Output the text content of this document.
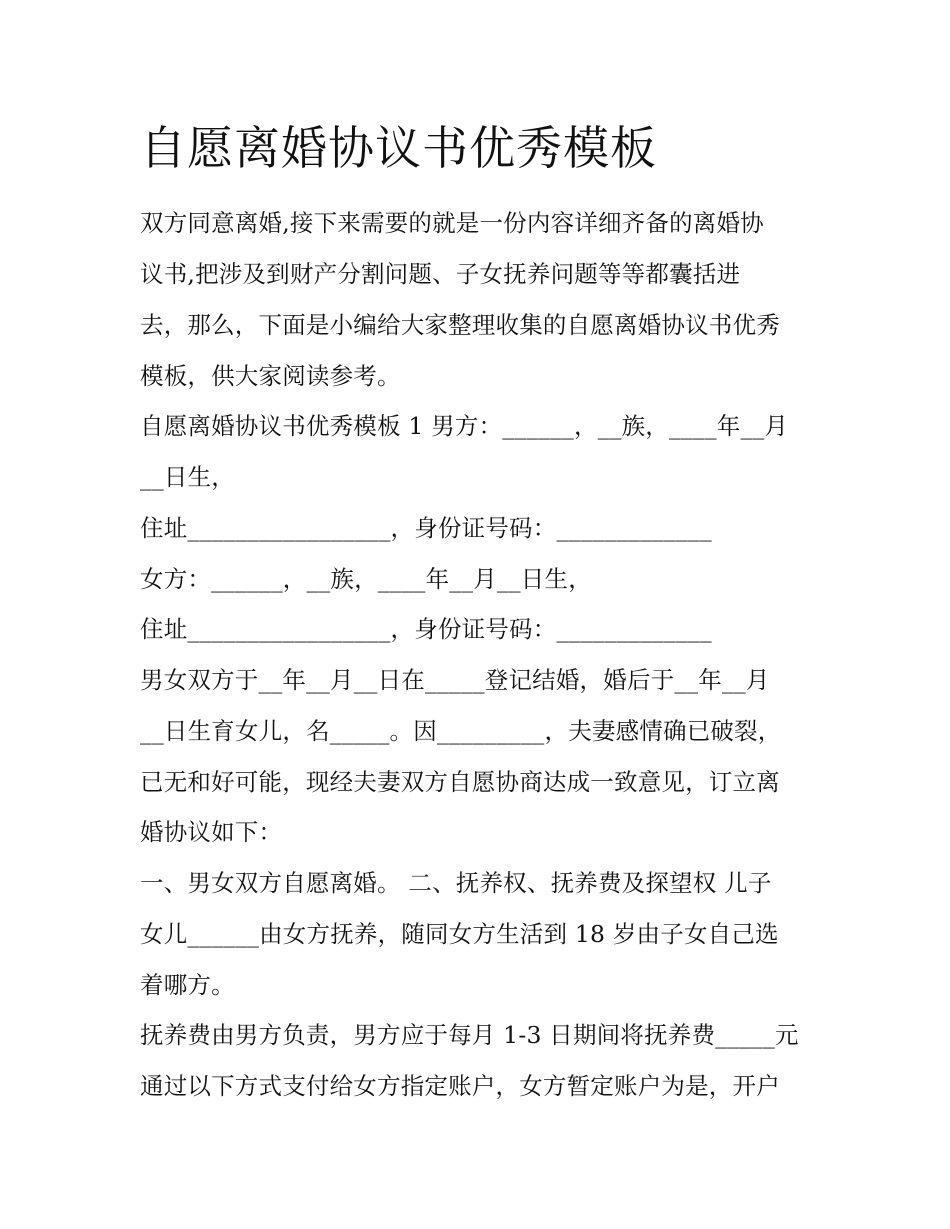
自愿离婚协议书优秀模板
双方同意离婚,接下来需要的就是一份内容详细齐备的离婚协
议书,把涉及到财产分割问题、子女抚养问题等等都囊括进
去，那么，下面是小编给大家整理收集的自愿离婚协议书优秀
模板，供大家阅读参考。
自愿离婚协议书优秀模板 1 男方：______，__族，____年__月
__日生，
住址_________________，身份证号码：_____________
女方：______，__族，____年__月__日生，
住址_________________，身份证号码：_____________
男女双方于__年__月__日在_____登记结婚，婚后于__年__月
__日生育女儿，名_____。因_________，夫妻感情确已破裂，
已无和好可能，现经夫妻双方自愿协商达成一致意见，订立离
婚协议如下：
一、男女双方自愿离婚。 二、抚养权、抚养费及探望权 儿子
女儿______由女方抚养，随同女方生活到 18 岁由子女自己选
着哪方。
抚养费由男方负责，男方应于每月 1-3 日期间将抚养费_____元
通过以下方式支付给女方指定账户，女方暂定账户为是，开户
